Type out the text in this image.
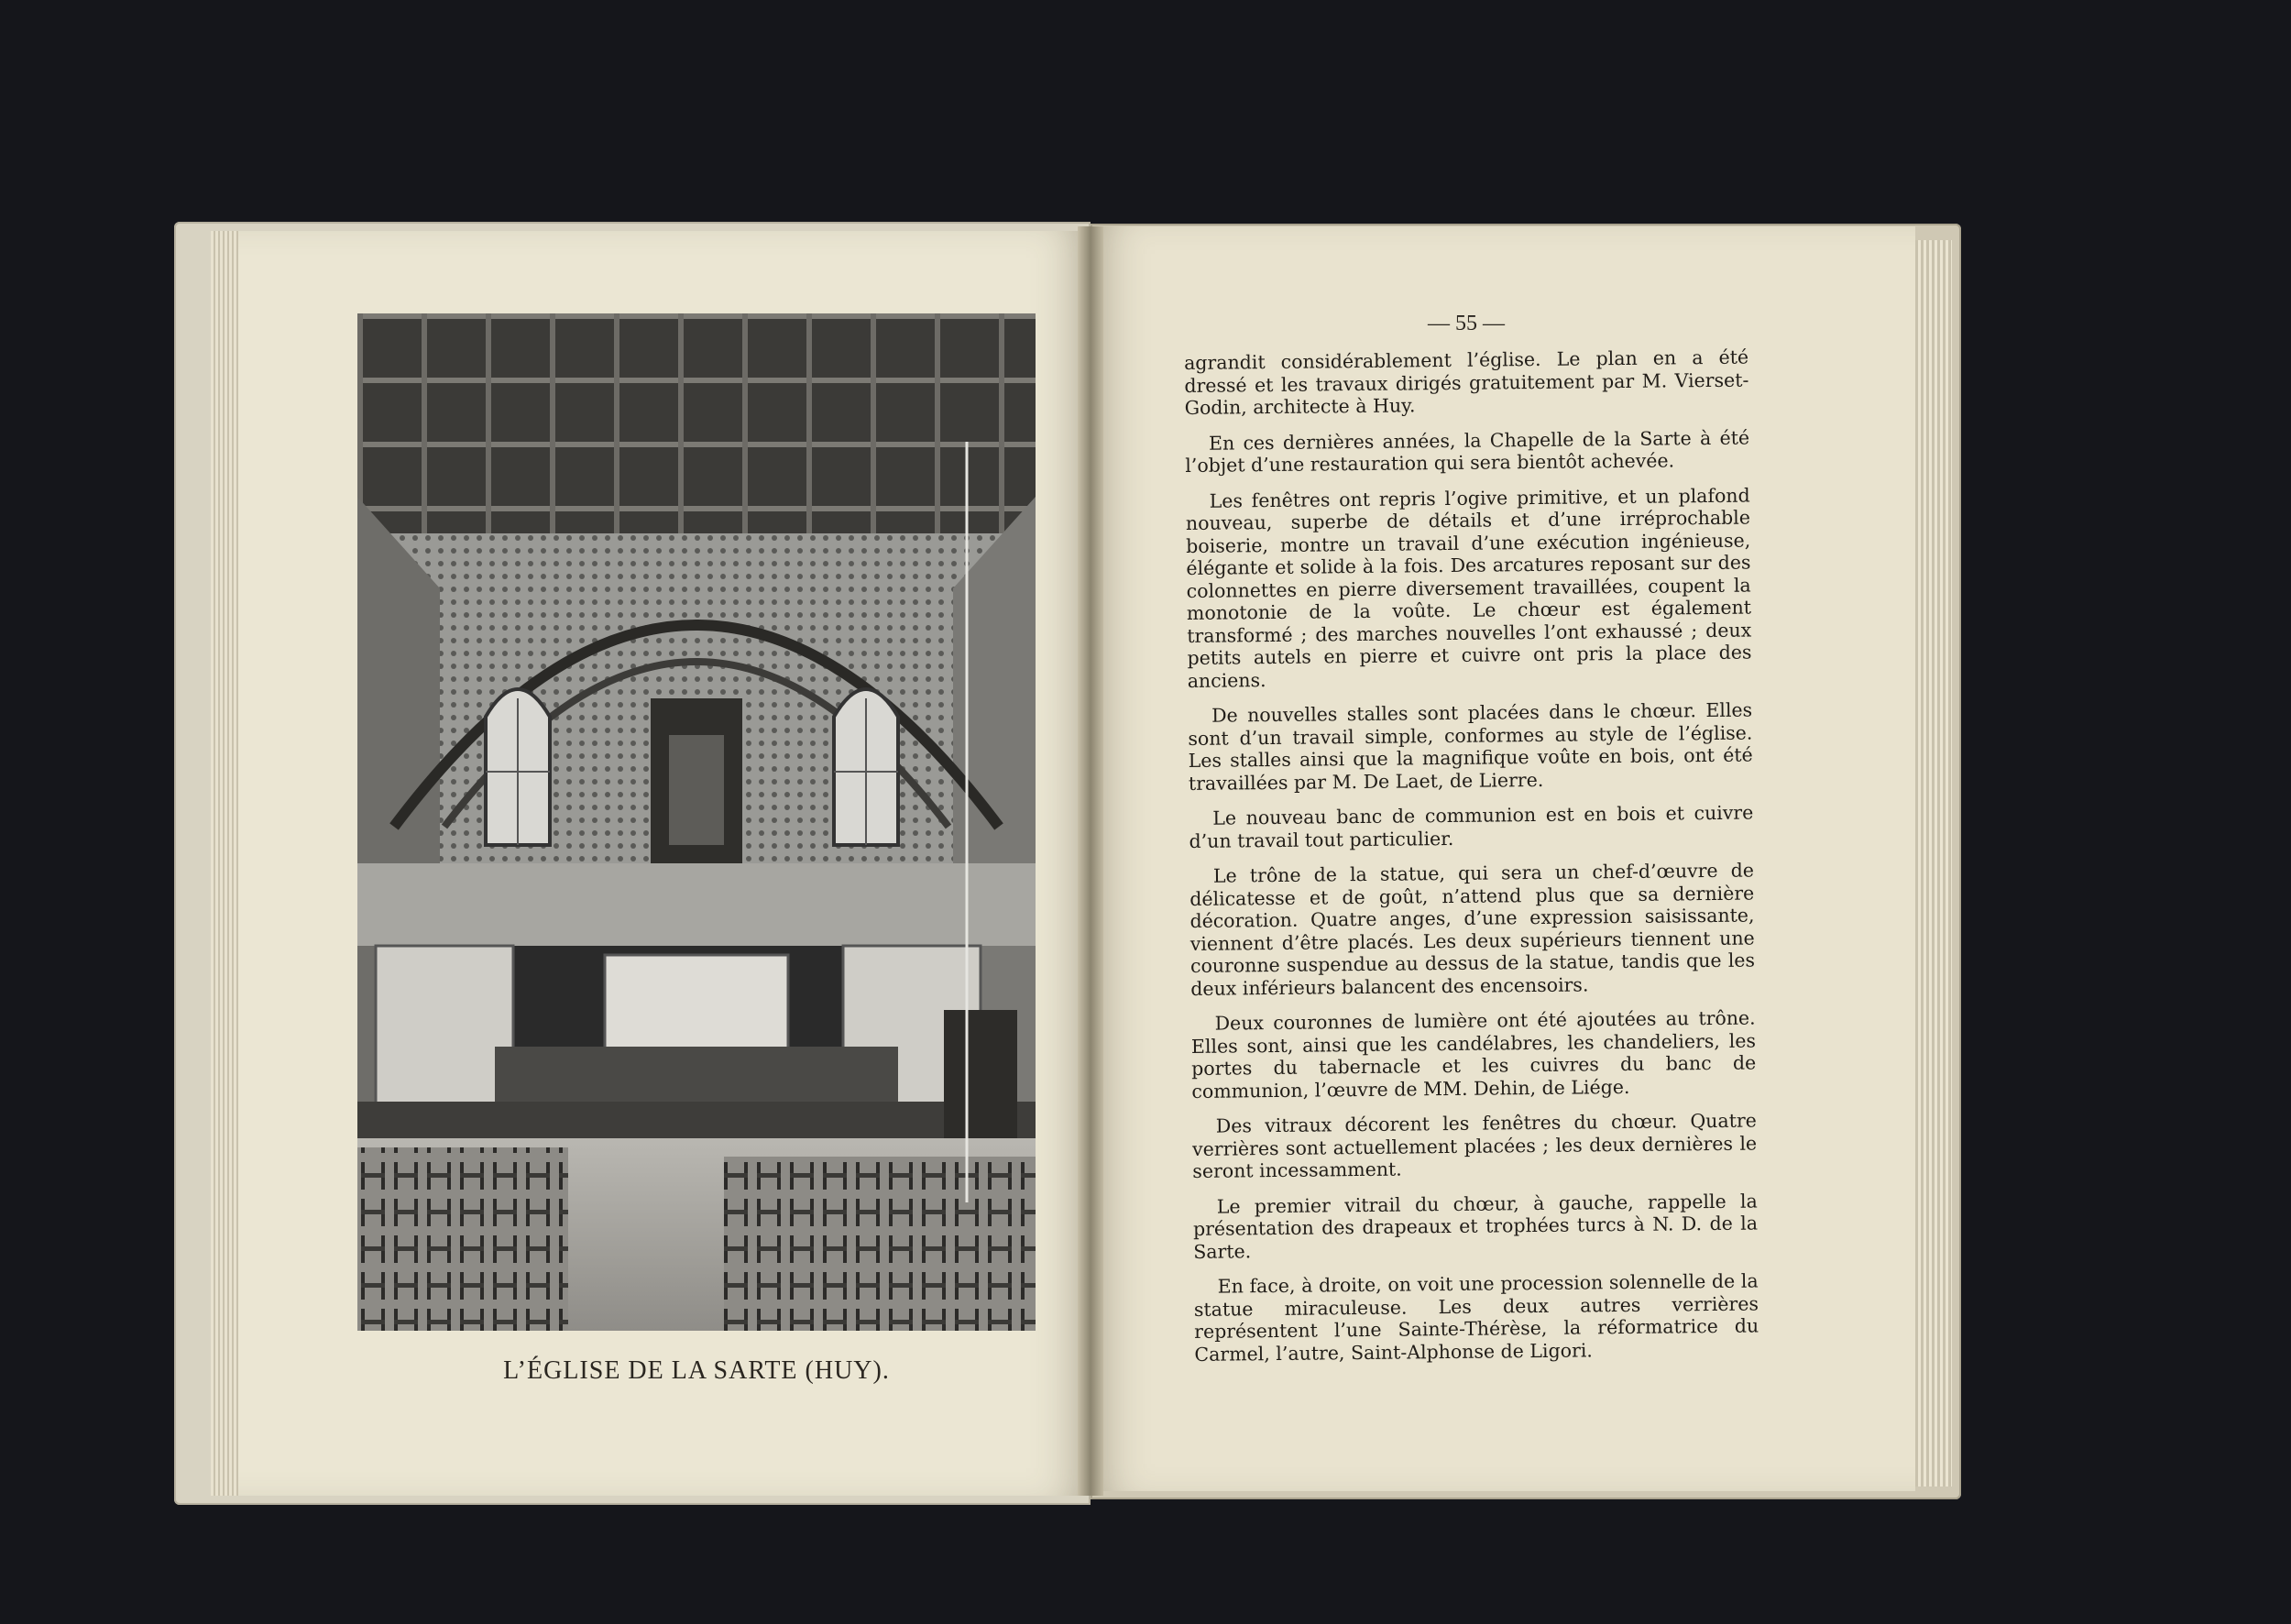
L’ÉGLISE DE LA SARTE (HUY).
— 55 —

agrandit considérablement l’église. Le plan en a été dressé et les travaux dirigés gratuitement par M. Vierset-Godin, architecte à Huy.

En ces dernières années, la Chapelle de la Sarte à été l’objet d’une restauration qui sera bientôt achevée.

Les fenêtres ont repris l’ogive primitive, et un plafond nouveau, superbe de détails et d’une irréprochable boiserie, montre un travail d’une exécution ingénieuse, élégante et solide à la fois. Des arcatures reposant sur des colonnettes en pierre diversement travaillées, coupent la monotonie de la voûte. Le chœur est également transformé ; des marches nouvelles l’ont exhaussé ; deux petits autels en pierre et cuivre ont pris la place des anciens.

De nouvelles stalles sont placées dans le chœur. Elles sont d’un travail simple, conformes au style de l’église. Les stalles ainsi que la magnifique voûte en bois, ont été travaillées par M. De Laet, de Lierre.

Le nouveau banc de communion est en bois et cuivre d’un travail tout particulier.

Le trône de la statue, qui sera un chef-d’œuvre de délicatesse et de goût, n’attend plus que sa dernière décoration. Quatre anges, d’une expression saisissante, viennent d’être placés. Les deux supérieurs tiennent une couronne suspendue au dessus de la statue, tandis que les deux inférieurs balancent des encensoirs.

Deux couronnes de lumière ont été ajoutées au trône. Elles sont, ainsi que les candélabres, les chandeliers, les portes du tabernacle et les cuivres du banc de communion, l’œuvre de MM. Dehin, de Liége.

Des vitraux décorent les fenêtres du chœur. Quatre verrières sont actuellement placées ; les deux dernières le seront incessamment.

Le premier vitrail du chœur, à gauche, rappelle la présentation des drapeaux et trophées turcs à N. D. de la Sarte.

En face, à droite, on voit une procession solennelle de la statue miraculeuse. Les deux autres verrières représentent l’une Sainte-Thérèse, la réformatrice du Carmel, l’autre, Saint-Alphonse de Ligori.
